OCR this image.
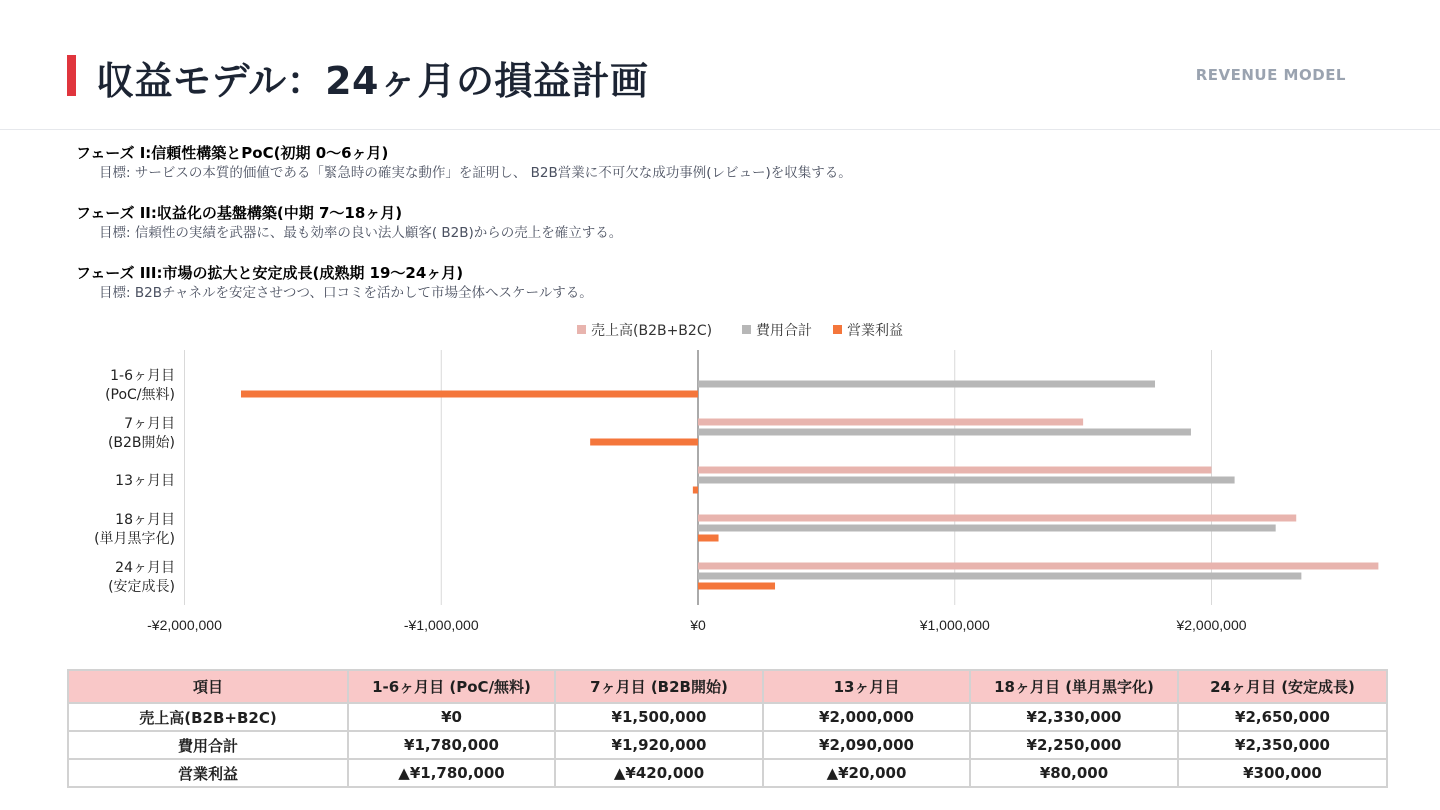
収益モデル：24ヶ月の損益計画	REVENUE MODEL
フェーズ I:信頼性構築とPoC(初期 0〜6ヶ月)
目標: サービスの本質的価値である「緊急時の確実な動作」を証明し、 B2B営業に不可欠な成功事例(レビュー)を収集する。
フェーズ II:収益化の基盤構築(中期 7〜18ヶ月)
目標: 信頼性の実績を武器に、最も効率の良い法人顧客( B2B)からの売上を確立する。
フェーズ III:市場の拡大と安定成長(成熟期 19〜24ヶ月)
目標: B2Bチャネルを安定させつつ、口コミを活かして市場全体へスケールする。
-¥2,000,000	-¥1,000,000	¥0	¥1,000,000	¥2,000,000
売上高(B2B+B2C)	費用合計	営業利益
1-6ヶ月目
(PoC/無料)
7ヶ月目
(B2B開始)
13ヶ月目
18ヶ月目
(単月黒字化)
24ヶ月目
(安定成長)
項目	1-6ヶ月目 (PoC/無料)	7ヶ月目 (B2B開始)	13ヶ月目	18ヶ月目 (単月黒字化)	24ヶ月目 (安定成長)
売上高(B2B+B2C)	¥0	¥1,500,000	¥2,000,000	¥2,330,000	¥2,650,000
費用合計	¥1,780,000	¥1,920,000	¥2,090,000	¥2,250,000	¥2,350,000
営業利益	▲¥1,780,000	▲¥420,000	▲¥20,000	¥80,000	¥300,000
